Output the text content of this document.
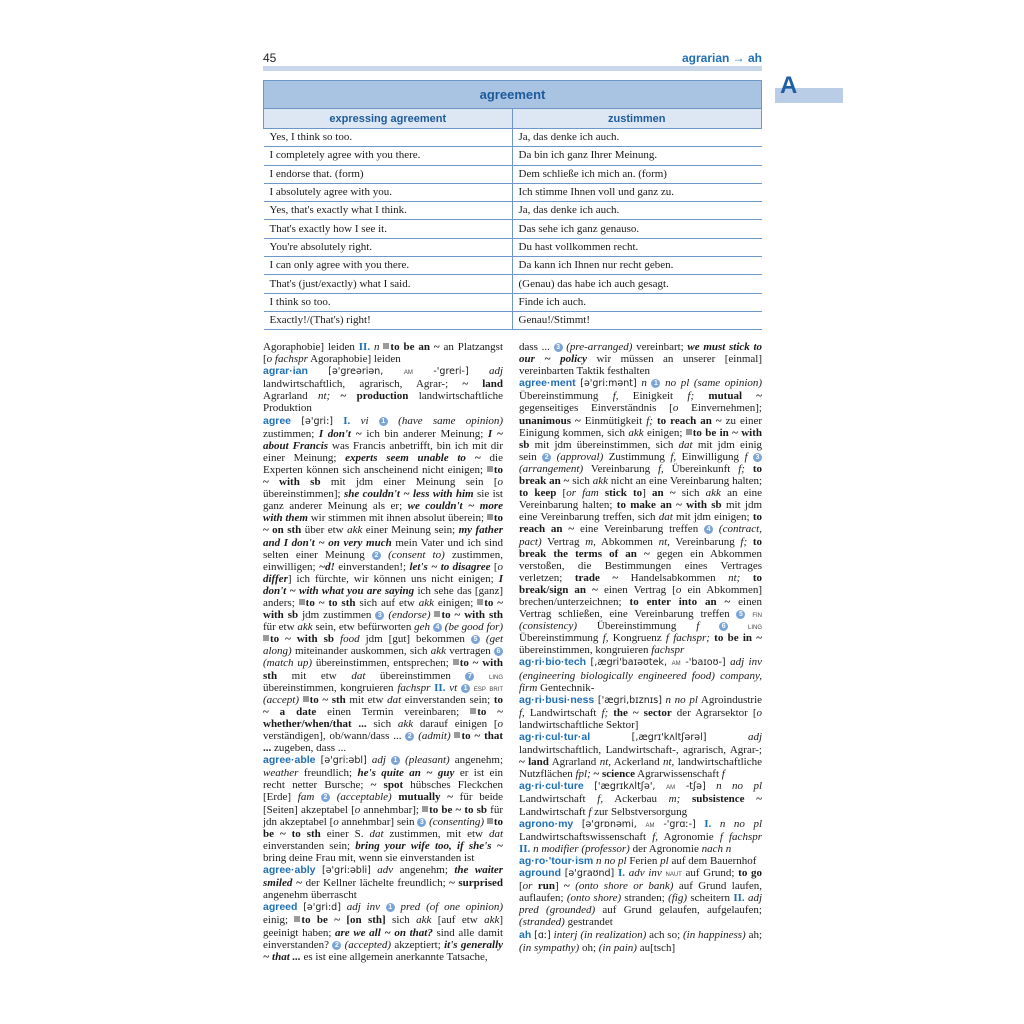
45	agrarian → ah
A
agreement	
expressing agreement	zustimmen
Yes, I think so too.	Ja, das denke ich auch.
I completely agree with you there.	Da bin ich ganz Ihrer Meinung.
I endorse that. (form)	Dem schließe ich mich an. (form)
I absolutely agree with you.	Ich stimme Ihnen voll und ganz zu.
Yes, that's exactly what I think.	Ja, das denke ich auch.
That's exactly how I see it.	Das sehe ich ganz genauso.
You're absolutely right.	Du hast vollkommen recht.
I can only agree with you there.	Da kann ich Ihnen nur recht geben.
That's (just/exactly) what I said.	(Genau) das habe ich auch gesagt.
I think so too.	Finde ich auch.
Exactly!/(That's) right!	Genau!/Stimmt!

Agoraphobie] leiden II. n to be an ~ an Platzangst [o fachspr Agoraphobie] leiden

agrar·ian [ə'greəriən, am -'greri-] adj landwirtschaftlich, agrarisch, Agrar-; ~ land Agrarland nt; ~ production landwirtschaftliche Produktion

agree [ə'gri:] I. vi 1 (have same opinion) zustimmen; I don't ~ ich bin anderer Meinung; I ~ about Francis was Francis anbetrifft, bin ich mit dir einer Meinung; experts seem unable to ~ die Experten können sich anscheinend nicht einigen; to ~ with sb mit jdm einer Meinung sein [o übereinstimmen]; she couldn't ~ less with him sie ist ganz anderer Meinung als er; we couldn't ~ more with them wir stimmen mit ihnen absolut überein; to ~ on sth über etw akk einer Meinung sein; my father and I don't ~ on very much mein Vater und ich sind selten einer Meinung 2 (consent to) zustimmen, einwilligen; ~d! einverstanden!; let's ~ to disagree [o differ] ich fürchte, wir können uns nicht einigen; I don't ~ with what you are saying ich sehe das [ganz] anders; to ~ to sth sich auf etw akk einigen; to ~ with sb jdm zustimmen 3 (endorse) to ~ with sth für etw akk sein, etw befürworten geh 4 (be good for) to ~ with sb food jdm [gut] bekommen 5 (get along) miteinander auskommen, sich akk vertragen 6 (match up) übereinstimmen, entsprechen; to ~ with sth mit etw dat übereinstimmen 7 ling übereinstimmen, kongruieren fachspr II. vt 1 esp brit (accept) to ~ sth mit etw dat einverstanden sein; to ~ a date einen Termin vereinbaren; to ~ whether/when/that ... sich akk darauf einigen [o verständigen], ob/wann/dass ... 2 (admit) to ~ that ... zugeben, dass ...

agree·able [ə'gri:əbl] adj 1 (pleasant) angenehm; weather freundlich; he's quite an ~ guy er ist ein recht netter Bursche; ~ spot hübsches Fleckchen [Erde] fam 2 (acceptable) mutually ~ für beide [Seiten] akzeptabel [o annehmbar]; to be ~ to sb für jdn akzeptabel [o annehmbar] sein 3 (consenting) to be ~ to sth einer S. dat zustimmen, mit etw dat einverstanden sein; bring your wife too, if she's ~ bring deine Frau mit, wenn sie einverstanden ist

agree·ably [ə'gri:əbli] adv angenehm; the waiter smiled ~ der Kellner lächelte freundlich; ~ surprised angenehm überrascht

agreed [ə'gri:d] adj inv 1 pred (of one opinion) einig; to be ~ [on sth] sich akk [auf etw akk] geeinigt haben; are we all ~ on that? sind alle damit einverstanden? 2 (accepted) akzeptiert; it's generally ~ that ... es ist eine allgemein anerkannte Tatsache,

dass ... 3 (pre-arranged) vereinbart; we must stick to our ~ policy wir müssen an unserer [einmal] vereinbarten Taktik festhalten

agree·ment [ə'gri:mənt] n 1 no pl (same opinion) Übereinstimmung f, Einigkeit f; mutual ~ gegenseitiges Einverständnis [o Einvernehmen]; unanimous ~ Einmütigkeit f; to reach an ~ zu einer Einigung kommen, sich akk einigen; to be in ~ with sb mit jdm übereinstimmen, sich dat mit jdm einig sein 2 (approval) Zustimmung f, Einwilligung f 3 (arrangement) Vereinbarung f, Übereinkunft f; to break an ~ sich akk nicht an eine Vereinbarung halten; to keep [or fam stick to] an ~ sich akk an eine Vereinbarung halten; to make an ~ with sb mit jdm eine Vereinbarung treffen, sich dat mit jdm einigen; to reach an ~ eine Vereinbarung treffen 4 (contract, pact) Vertrag m, Abkommen nt, Vereinbarung f; to break the terms of an ~ gegen ein Abkommen verstoßen, die Bestimmungen eines Vertrages verletzen; trade ~ Handelsabkommen nt; to break/sign an ~ einen Vertrag [o ein Abkommen] brechen/unterzeichnen; to enter into an ~ einen Vertrag schließen, eine Vereinbarung treffen 5 fin (consistency) Übereinstimmung f	6 ling Übereinstimmung f, Kongruenz f fachspr; to be in ~ übereinstimmen, kongruieren fachspr

ag·ri·bio·tech [,ægri'baɪəʊtek, am -'baɪoʊ-] adj inv (engineering biologically engineered food) company, firm Gentechnik-

ag·ri·busi·ness ['ægri,bɪznɪs] n no pl Agroindustrie f, Landwirtschaft f; the ~ sector der Agrarsektor [o landwirtschaftliche Sektor]

ag·ri·cul·tur·al	[,ægrɪ'kʌltʃərəl]	adj landwirtschaftlich, Landwirtschaft-, agrarisch, Agrar-; ~ land Agrarland nt, Ackerland nt, landwirtschaftliche Nutzflächen fpl; ~ science Agrarwissenschaft f

ag·ri·cul·ture ['ægrɪkʌltʃə', am -tʃə] n no pl Landwirtschaft f, Ackerbau m; subsistence ~ Landwirtschaft f zur Selbstversorgung

agrono·my [ə'grɒnəmi, am -'grɑː-] I. n no pl Landwirtschaftswissenschaft f, Agronomie f fachspr II. n modifier (professor) der Agronomie nach n

ag·ro·'tour·ism n no pl Ferien pl auf dem Bauernhof

aground [ə'graʊnd] I. adv inv naut auf Grund; to go [or run] ~ (onto shore or bank) auf Grund laufen, auflaufen; (onto shore) stranden; (fig) scheitern II. adj pred (grounded) auf Grund gelaufen, aufgelaufen; (stranded) gestrandet

ah [ɑː] interj (in realization) ach so; (in happiness) ah; (in sympathy) oh; (in pain) au[tsch]
